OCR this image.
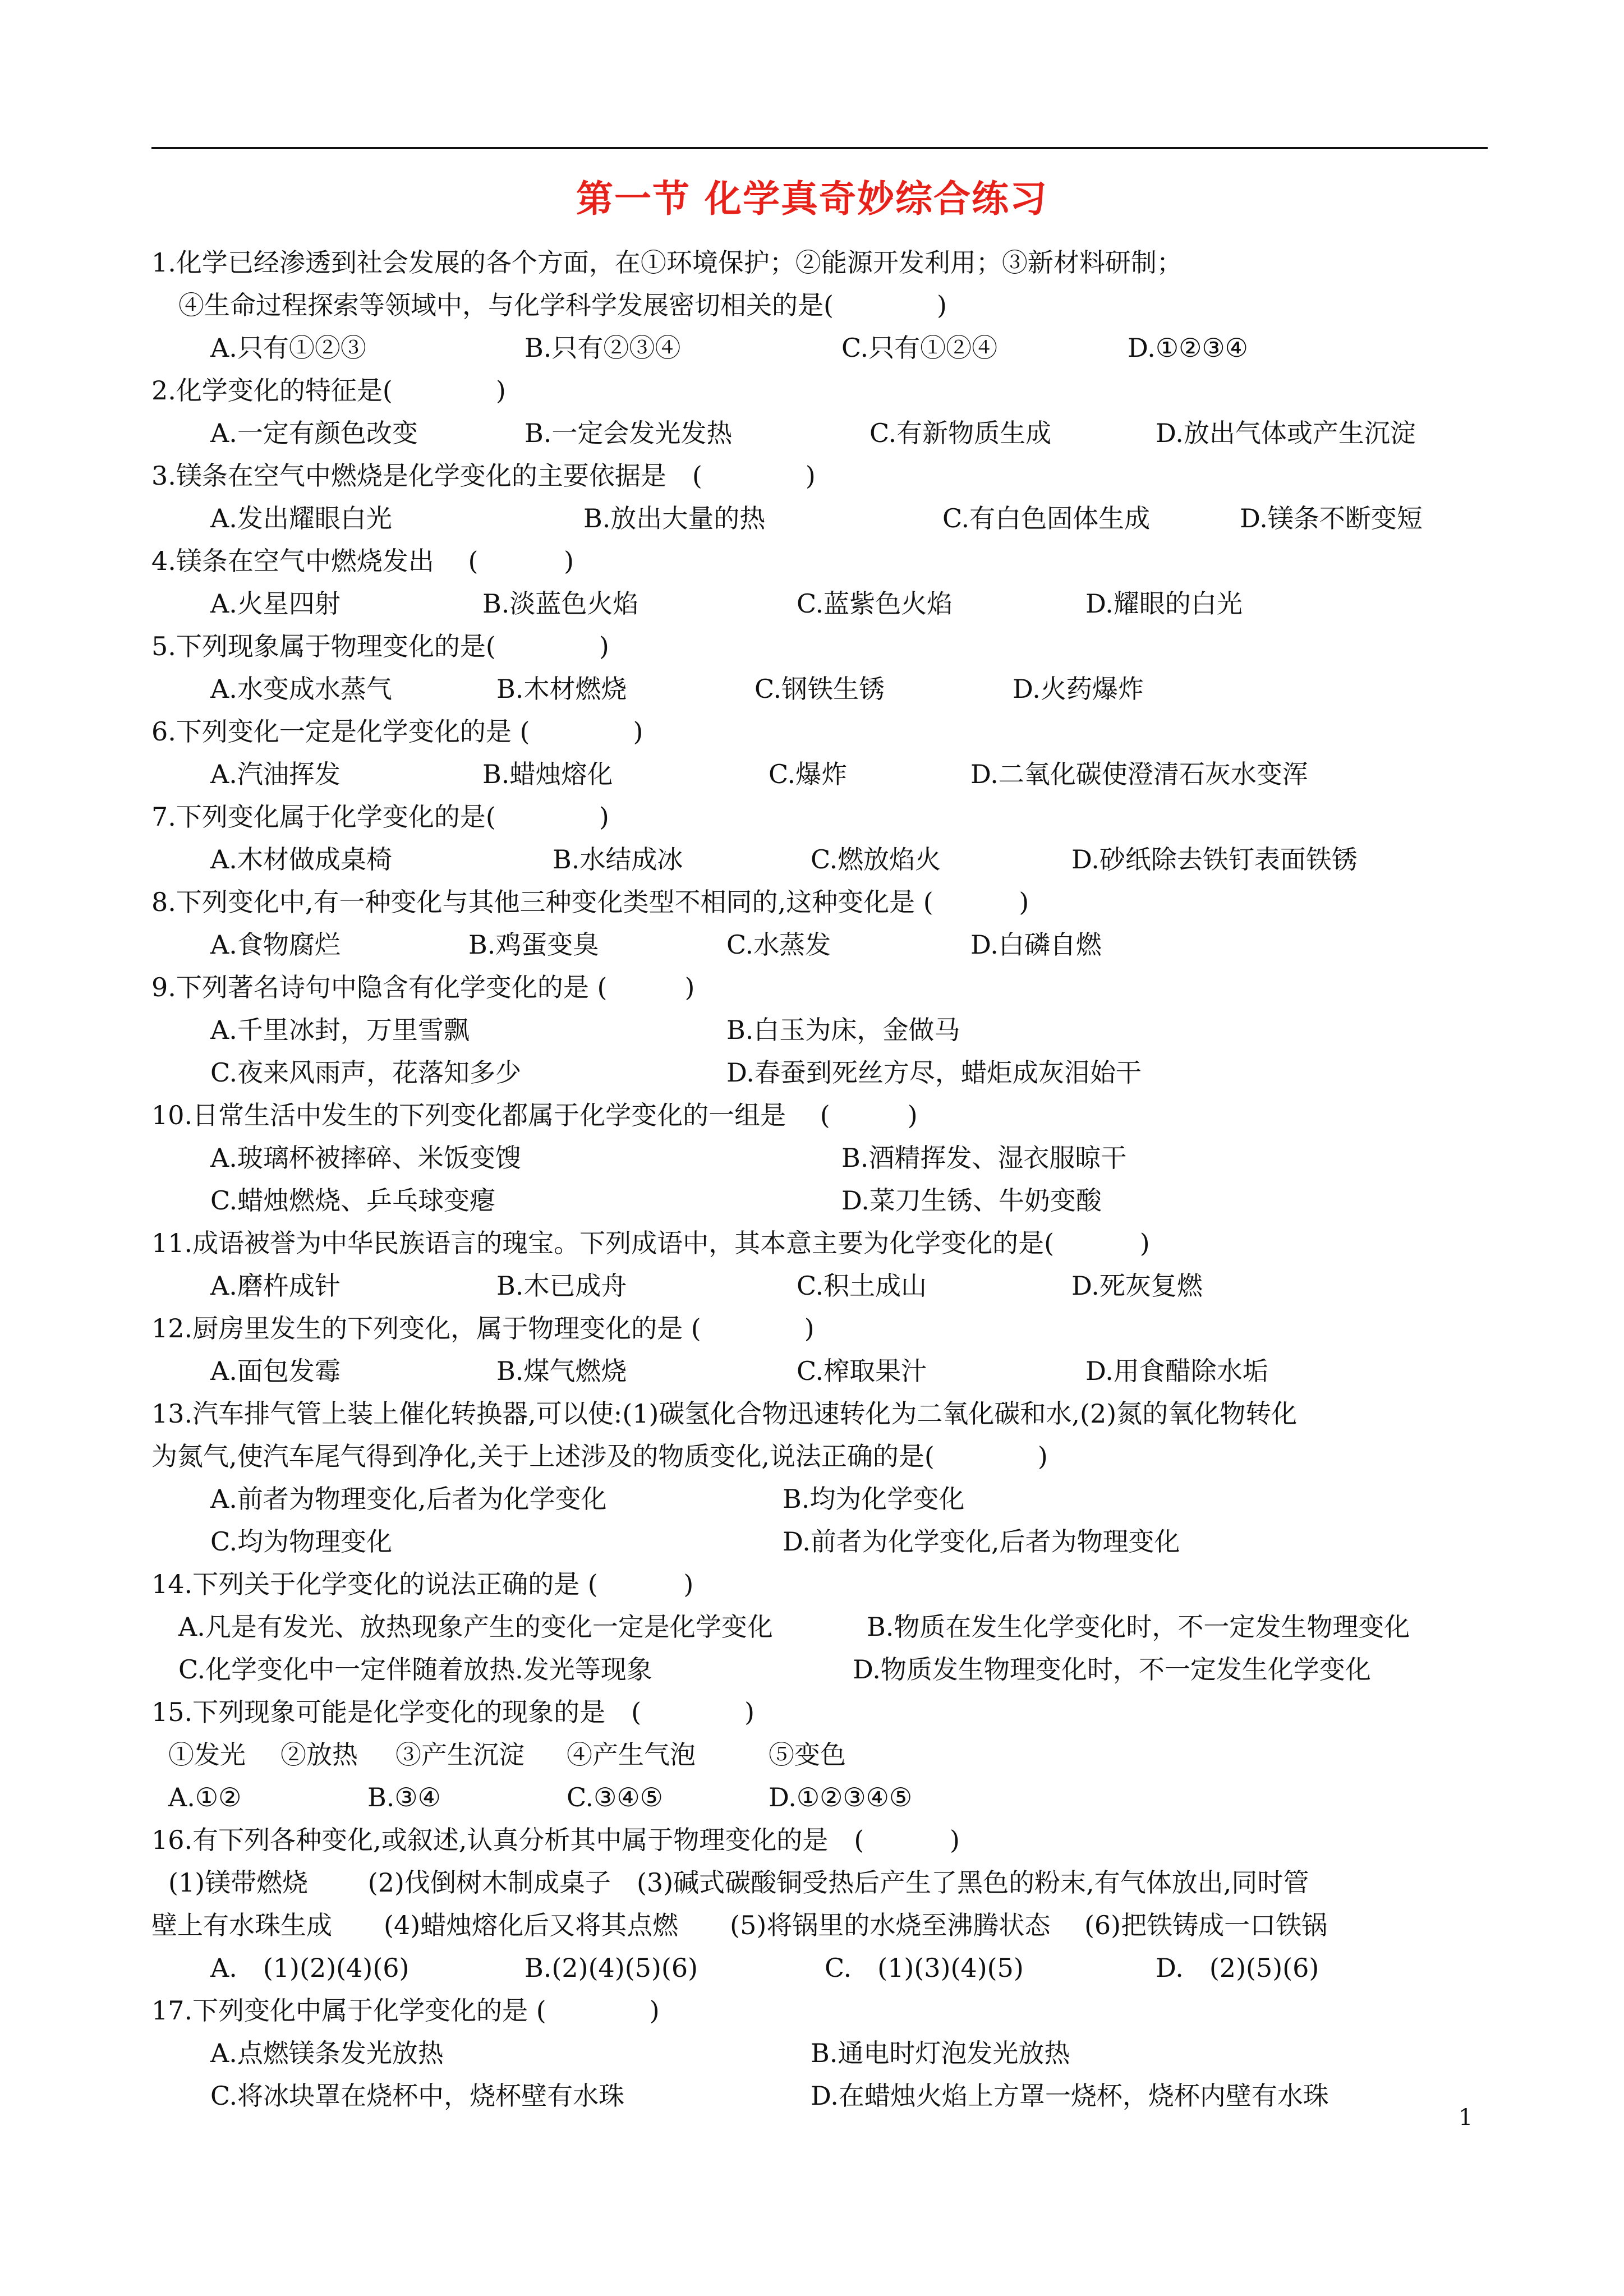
第一节 化学真奇妙综合练习
1.化学已经渗透到社会发展的各个方面，在①环境保护；②能源开发利用；③新材料研制；
④生命过程探索等领域中，与化学科学发展密切相关的是(　　　　)
A.只有①②③	B.只有②③④	C.只有①②④	D.①②③④
2.化学变化的特征是(　　　　)
A.一定有颜色改变	B.一定会发光发热	C.有新物质生成	D.放出气体或产生沉淀
3.镁条在空气中燃烧是化学变化的主要依据是　(　　　　)
A.发出耀眼白光	B.放出大量的热	C.有白色固体生成	D.镁条不断变短
4.镁条在空气中燃烧发出　 (　　　 )
A.火星四射	B.淡蓝色火焰	C.蓝紫色火焰	D.耀眼的白光
5.下列现象属于物理变化的是(　　　　)
A.水变成水蒸气	B.木材燃烧	C.钢铁生锈	D.火药爆炸
6.下列变化一定是化学变化的是 (　　　　)
A.汽油挥发	B.蜡烛熔化	C.爆炸	D.二氧化碳使澄清石灰水变浑
7.下列变化属于化学变化的是(　　　　)
A.木材做成桌椅	B.水结成冰	C.燃放焰火	D.砂纸除去铁钉表面铁锈
8.下列变化中,有一种变化与其他三种变化类型不相同的,这种变化是 (　　　 )
A.食物腐烂	B.鸡蛋变臭	C.水蒸发	D.白磷自燃
9.下列著名诗句中隐含有化学变化的是 (　　　)
A.千里冰封，万里雪飘	B.白玉为床，金做马
C.夜来风雨声，花落知多少	D.春蚕到死丝方尽，蜡炬成灰泪始干
10.日常生活中发生的下列变化都属于化学变化的一组是　 (　　　)
A.玻璃杯被摔碎、米饭变馊	B.酒精挥发、湿衣服晾干
C.蜡烛燃烧、乒乓球变瘪	D.菜刀生锈、牛奶变酸
11.成语被誉为中华民族语言的瑰宝。下列成语中，其本意主要为化学变化的是(　　　 )
A.磨杵成针	B.木已成舟	C.积土成山	D.死灰复燃
12.厨房里发生的下列变化，属于物理变化的是 (　　　　)
A.面包发霉	B.煤气燃烧	C.榨取果汁	D.用食醋除水垢
13.汽车排气管上装上催化转换器,可以使:(1)碳氢化合物迅速转化为二氧化碳和水,(2)氮的氧化物转化
为氮气,使汽车尾气得到净化,关于上述涉及的物质变化,说法正确的是(　　　　)
A.前者为物理变化,后者为化学变化	B.均为化学变化
C.均为物理变化	D.前者为化学变化,后者为物理变化
14.下列关于化学变化的说法正确的是 (　　　 )
A.凡是有发光、放热现象产生的变化一定是化学变化	B.物质在发生化学变化时，不一定发生物理变化
C.化学变化中一定伴随着放热.发光等现象	D.物质发生物理变化时，不一定发生化学变化
15.下列现象可能是化学变化的现象的是　(　　　　)
①发光 ②放热 ③产生沉淀 ④产生气泡	⑤变色
A.①②	B.③④	C.③④⑤	D.①②③④⑤
16.有下列各种变化,或叙述,认真分析其中属于物理变化的是　(　　　 )
(1)镁带燃烧　　 (2)伐倒树木制成桌子　(3)碱式碳酸铜受热后产生了黑色的粉末,有气体放出,同时管
壁上有水珠生成　　(4)蜡烛熔化后又将其点燃　　(5)将锅里的水烧至沸腾状态　 (6)把铁铸成一口铁锅
A.　(1)(2)(4)(6)	B.(2)(4)(5)(6)	C.　(1)(3)(4)(5)	D.　(2)(5)(6)
17.下列变化中属于化学变化的是 (　　　　)
A.点燃镁条发光放热	B.通电时灯泡发光放热
C.将冰块罩在烧杯中，烧杯壁有水珠	D.在蜡烛火焰上方罩一烧杯，烧杯内壁有水珠
1
